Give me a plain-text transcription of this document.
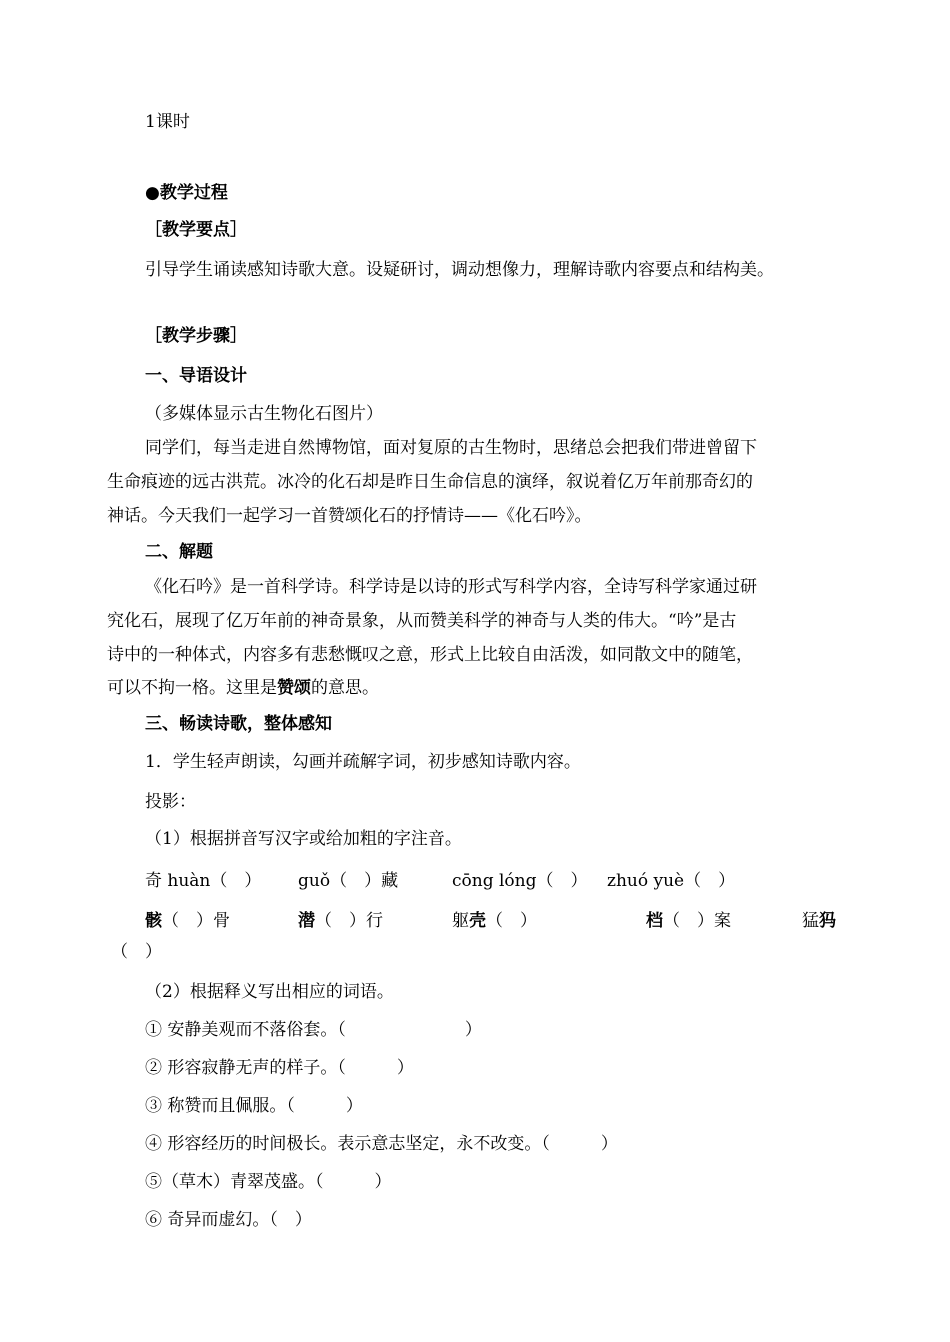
1课时
●教学过程
［教学要点］
引导学生诵读感知诗歌大意。设疑研讨，调动想像力，理解诗歌内容要点和结构美。
［教学步骤］
一、导语设计
（多媒体显示古生物化石图片）
同学们，每当走进自然博物馆，面对复原的古生物时，思绪总会把我们带进曾留下
生命痕迹的远古洪荒。冰冷的化石却是昨日生命信息的演绎，叙说着亿万年前那奇幻的
神话。今天我们一起学习一首赞颂化石的抒情诗——《化石吟》。
二、解题
《化石吟》是一首科学诗。科学诗是以诗的形式写科学内容，全诗写科学家通过研
究化石，展现了亿万年前的神奇景象，从而赞美科学的神奇与人类的伟大。“吟”是古
诗中的一种体式，内容多有悲愁慨叹之意，形式上比较自由活泼，如同散文中的随笔，
可以不拘一格。这里是赞颂的意思。
三、畅读诗歌，整体感知
1．学生轻声朗读，勾画并疏解字词，初步感知诗歌内容。
投影：
（1）根据拼音写汉字或给加粗的字注音。
奇 huàn（　） guǒ（　）藏	cōng lóng（　） zhuó yuè（　）
骸（　）骨	潜（　）行	躯壳（　）	档（　）案	猛犸
（　）
（2）根据释义写出相应的词语。
① 安静美观而不落俗套。（　　　　　　　）
② 形容寂静无声的样子。（　　　）
③ 称赞而且佩服。（　　　）
④ 形容经历的时间极长。表示意志坚定，永不改变。（　　　）
⑤（草木）青翠茂盛。（　　　）
⑥ 奇异而虚幻。（　）
